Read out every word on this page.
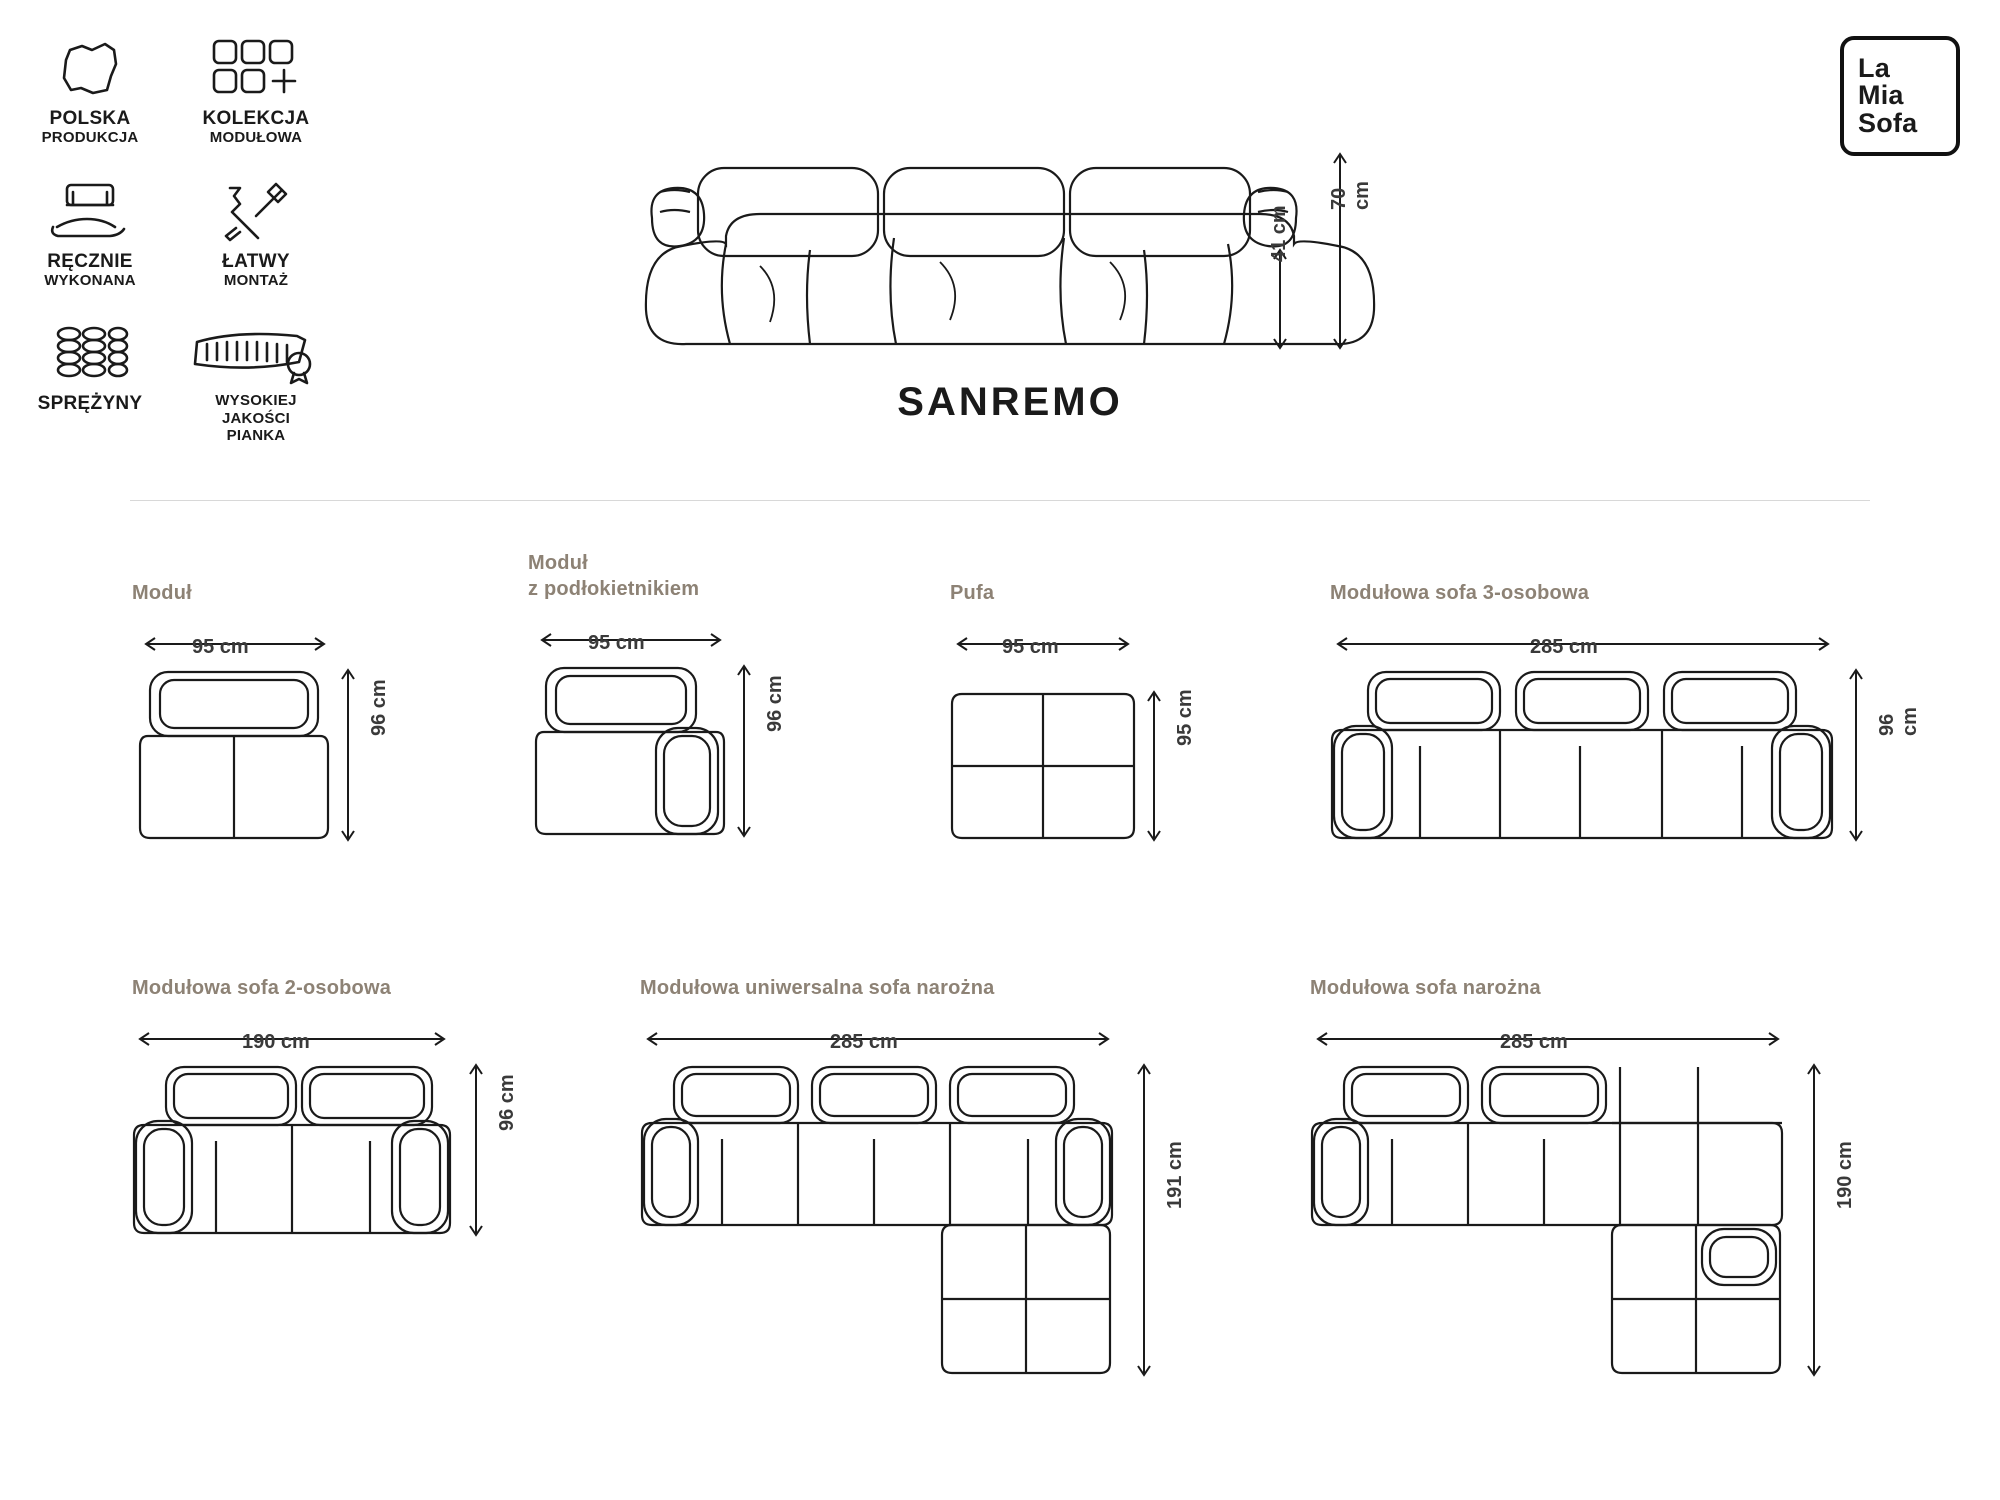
POLSKA
PRODUKCJA
KOLEKCJA
MODUŁOWA
RĘCZNIE
WYKONANA
ŁATWY
MONTAŻ
SPRĘŻYNY	WYSOKIEJ
JAKOŚCI PIANKA
La
Mia
Sofa
70 cm
41 cm
SANREMO
Moduł
95 cm
96 cm
Moduł
z podłokietnikiem
95 cm
96 cm
Pufa
95 cm
95 cm
Modułowa sofa 3-osobowa
285 cm
96 cm
Modułowa sofa 2-osobowa
190 cm
96 cm
Modułowa uniwersalna sofa narożna
285 cm
191 cm
Modułowa sofa narożna
285 cm
190 cm
